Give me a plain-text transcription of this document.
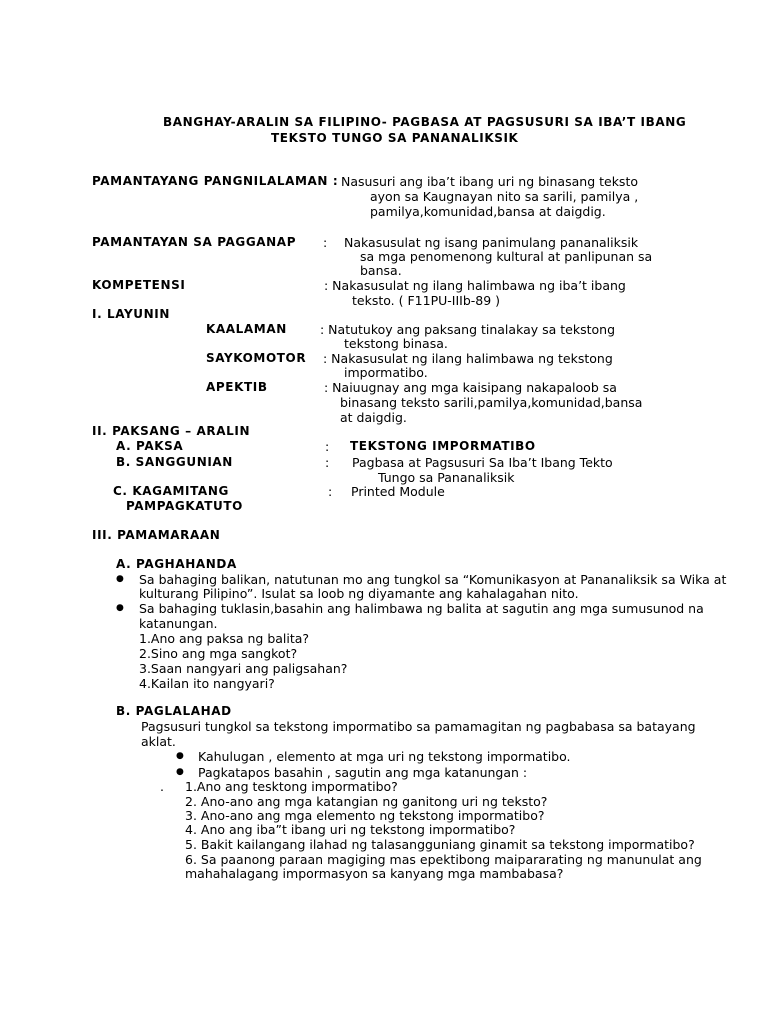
BANGHAY-ARALIN SA FILIPINO- PAGBASA AT PAGSUSURI SA IBA’T IBANG
TEKSTO TUNGO SA PANANALIKSIK
PAMANTAYANG PANGNILALAMAN : Nasusuri ang iba’t ibang uri ng binasang teksto
ayon sa Kaugnayan nito sa sarili, pamilya ,
pamilya,komunidad,bansa at daigdig.
PAMANTAYAN SA PAGGANAP : Nakasusulat ng isang panimulang pananaliksik
sa mga penomenong kultural at panlipunan sa
bansa.
KOMPETENSI	: Nakasusulat ng ilang halimbawa ng iba’t ibang
teksto. ( F11PU-IIIb-89 )
I. LAYUNIN
KAALAMAN	: Natutukoy ang paksang tinalakay sa tekstong
tekstong binasa.
SAYKOMOTOR : Nakasusulat ng ilang halimbawa ng tekstong
impormatibo.
APEKTIB	: Naiuugnay ang mga kaisipang nakapaloob sa
binasang teksto sarili,pamilya,komunidad,bansa
at daigdig.
II. PAKSANG – ARALIN
A. PAKSA	: TEKSTONG IMPORMATIBO
B. SANGGUNIAN	: Pagbasa at Pagsusuri Sa Iba’t Ibang Tekto
Tungo sa Pananaliksik
C. KAGAMITANG
PAMPAGKATUTO
: Printed Module
III. PAMAMARAAN
A. PAGHAHANDA
● Sa bahaging balikan, natutunan mo ang tungkol sa “Komunikasyon at Pananaliksik sa Wika at
kulturang Pilipino”. Isulat sa loob ng diyamante ang kahalagahan nito.
● Sa bahaging tuklasin,basahin ang halimbawa ng balita at sagutin ang mga sumusunod na
katanungan.
1.Ano ang paksa ng balita?
2.Sino ang mga sangkot?
3.Saan nangyari ang paligsahan?
4.Kailan ito nangyari?
B. PAGLALAHAD
Pagsusuri tungkol sa tekstong impormatibo sa pamamagitan ng pagbabasa sa batayang
aklat.
● Kahulugan , elemento at mga uri ng tekstong impormatibo.
● Pagkatapos basahin , sagutin ang mga katanungan :
. 1.Ano ang tesktong impormatibo?
2. Ano-ano ang mga katangian ng ganitong uri ng teksto?
3. Ano-ano ang mga elemento ng tekstong impormatibo?
4. Ano ang iba”t ibang uri ng tekstong impormatibo?
5. Bakit kailangang ilahad ng talasangguniang ginamit sa tekstong impormatibo?
6. Sa paanong paraan magiging mas epektibong maipararating ng manunulat ang
mahahalagang impormasyon sa kanyang mga mambabasa?
